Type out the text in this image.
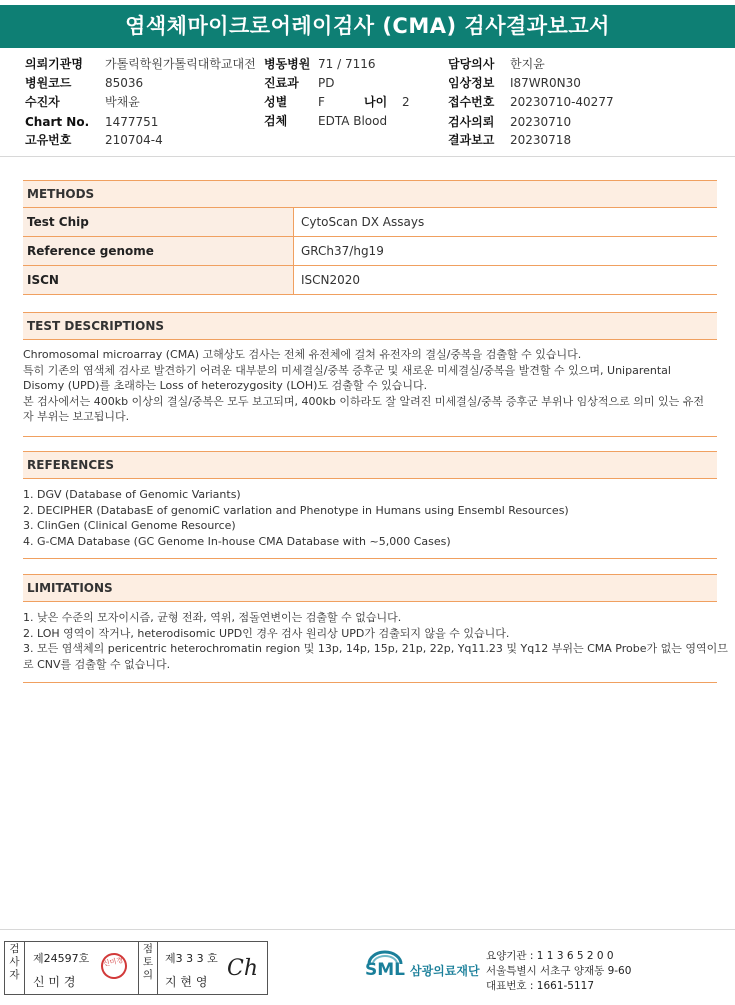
염색체마이크로어레이검사 (CMA) 검사결과보고서
의뢰기관명 가톨릭학원가톨릭대학교대전 병동병원 71 / 7116	담당의사 한지윤
병원코드	85036	진료과 PD	임상정보 I87WR0N30
수진자	박채윤	성별	F	나이 2	접수번호 20230710-40277
Chart No. 1477751	검체	EDTA Blood	검사의뢰 20230710
고유번호	210704-4	결과보고 20230718
METHODS
Test Chip	CytoScan DX Assays
Reference genome	GRCh37/hg19
ISCN	ISCN2020
TEST DESCRIPTIONS
Chromosomal microarray (CMA) 고해상도 검사는 전체 유전체에 걸쳐 유전자의 결실/중복을 검출할 수 있습니다.
특히 기존의 염색체 검사로 발견하기 어려운 대부분의 미세결실/중복 증후군 및 새로운 미세결실/중복을 발견할 수 있으며, Uniparental
Disomy (UPD)를 초래하는 Loss of heterozygosity (LOH)도 검출할 수 있습니다.
본 검사에서는 400kb 이상의 결실/중복은 모두 보고되며, 400kb 이하라도 잘 알려진 미세결실/중복 증후군 부위나 임상적으로 의미 있는 유전
자 부위는 보고됩니다.
REFERENCES
1. DGV (Database of Genomic Variants)
2. DECIPHER (DatabasE of genomiC varIation and Phenotype in Humans using Ensembl Resources)
3. ClinGen (Clinical Genome Resource)
4. G-CMA Database (GC Genome In-house CMA Database with ~5,000 Cases)
LIMITATIONS
1. 낮은 수준의 모자이시즘, 균형 전좌, 역위, 점돌연변이는 검출할 수 없습니다.
2. LOH 영역이 작거나, heterodisomic UPD인 경우 검사 원리상 UPD가 검출되지 않을 수 있습니다.
3. 모든 염색체의 pericentric heterochromatin region 및 13p, 14p, 15p, 21p, 22p, Yq11.23 및 Yq12 부위는 CMA Probe가 없는 영역이므
로 CNV를 검출할 수 없습니다.
검
사
자
제24597호
신 미 경
신미경
점
토
의
제3 3 3 호
지 현 영
Ch	SML 삼광의료재단
요양기관 : 1 1 3 6 5 2 0 0
서울특별시 서초구 양재동 9-60
대표번호 : 1661-5117
